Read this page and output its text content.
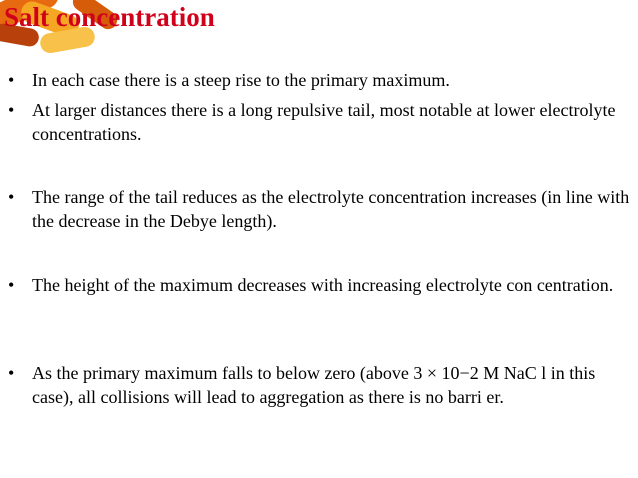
Salt concentration
• In each case there is a steep rise to the primary maximum.
• At larger distances there is a long repulsive tail, most notable at lower electrolyte concentrations.
• The range of the tail reduces as the electrolyte concentration increases (in line with the decrease in the Debye length).
• The height of the maximum decreases with increasing electrolyte con centration.
• As the primary maximum falls to below zero (above 3 × 10−2 M NaC l in this case), all collisions will lead to aggregation as there is no barri er.
